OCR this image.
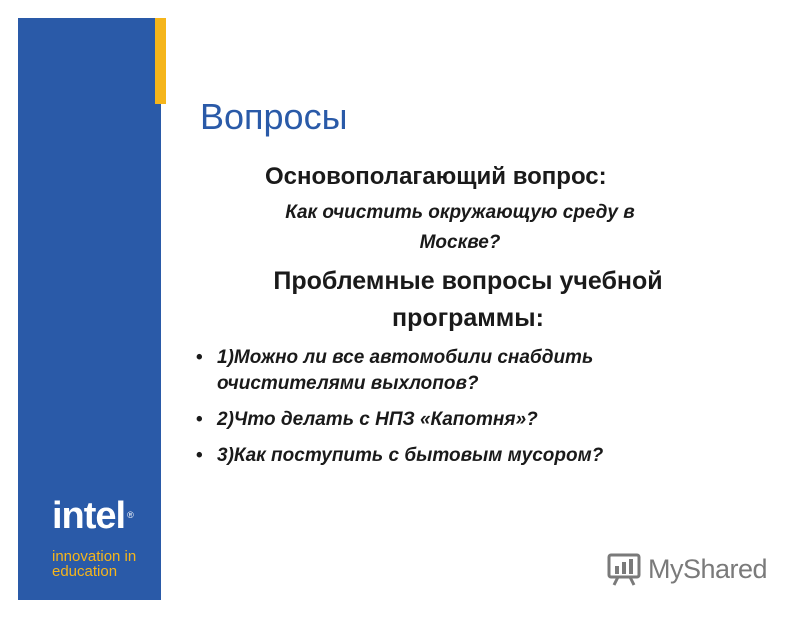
intel ®
innovation in
education
Вопросы
Основополагающий вопрос:
Как очистить окружающую среду в
Москве?
Проблемные вопросы учебной
программы:
• 1)Можно ли все автомобили снабдить
очистителями выхлопов?
• 2)Что делать с НПЗ «Капотня»?
• 3)Как поступить с бытовым мусором?
MyShared
